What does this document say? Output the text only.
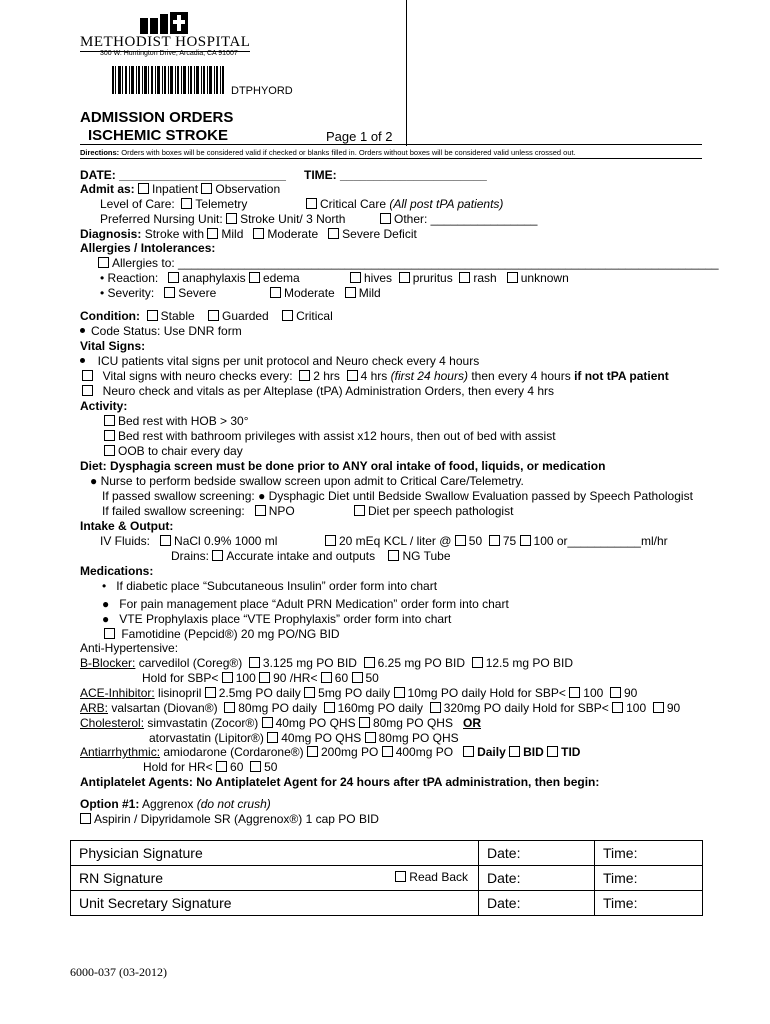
METHODIST HOSPITAL
300 W. Huntington Drive, Arcadia, CA 91007
DTPHYORD
ADMISSION ORDERS
ISCHEMIC STROKE	Page 1 of 2
Directions: Orders with boxes will be considered valid if checked or blanks filled in. Orders without boxes will be considered valid unless crossed out.
DATE: _________________________ TIME: ______________________
Admit as: Inpatient Observation
Level of Care: Telemetry	Critical Care (All post tPA patients)
Preferred Nursing Unit: Stroke Unit/ 3 North	Other: ________________
Diagnosis: Stroke with Mild Moderate Severe Deficit
Allergies / Intolerances:
Allergies to: _________________________________________________________________________________
• Reaction: anaphylaxis edema	hives pruritus rash unknown
• Severity: Severe	Moderate Mild
Condition: Stable Guarded Critical
Code Status: Use DNR form
Vital Signs:
ICU patients vital signs per unit protocol and Neuro check every 4 hours
Vital signs with neuro checks every: 2 hrs 4 hrs (first 24 hours) then every 4 hours if not tPA patient
Neuro check and vitals as per Alteplase (tPA) Administration Orders, then every 4 hrs
Activity:
Bed rest with HOB > 30°
Bed rest with bathroom privileges with assist x12 hours, then out of bed with assist
OOB to chair every day
Diet: Dysphagia screen must be done prior to ANY oral intake of food, liquids, or medication
● Nurse to perform bedside swallow screen upon admit to Critical Care/Telemetry.
If passed swallow screening: ● Dysphagic Diet until Bedside Swallow Evaluation passed by Speech Pathologist
If failed swallow screening: NPO	Diet per speech pathologist
Intake & Output:
IV Fluids: NaCl 0.9% 1000 ml	20 mEq KCL / liter @ 50 75 100 or___________ml/hr
Drains: Accurate intake and outputs NG Tube
Medications:
• If diabetic place “Subcutaneous Insulin” order form into chart
● For pain management place “Adult PRN Medication” order form into chart
● VTE Prophylaxis place “VTE Prophylaxis” order form into chart
Famotidine (Pepcid®) 20 mg PO/NG BID
Anti-Hypertensive:
B-Blocker: carvedilol (Coreg®) 3.125 mg PO BID 6.25 mg PO BID 12.5 mg PO BID
Hold for SBP< 100 90 /HR< 60 50
ACE-Inhibitor: lisinopril 2.5mg PO daily 5mg PO daily 10mg PO daily Hold for SBP< 100 90
ARB: valsartan (Diovan®) 80mg PO daily 160mg PO daily 320mg PO daily Hold for SBP< 100 90
Cholesterol: simvastatin (Zocor®) 40mg PO QHS 80mg PO QHS OR
atorvastatin (Lipitor®) 40mg PO QHS 80mg PO QHS
Antiarrhythmic: amiodarone (Cordarone®) 200mg PO 400mg PO Daily BID TID
Hold for HR< 60 50
Antiplatelet Agents: No Antiplatelet Agent for 24 hours after tPA administration, then begin:
Option #1: Aggrenox (do not crush)
Aspirin / Dipyridamole SR (Aggrenox®) 1 cap PO BID
Physician Signature	Date:	Time:
RN Signature Read Back	Date:	Time:
Unit Secretary Signature	Date:	Time:
6000-037 (03-2012)
